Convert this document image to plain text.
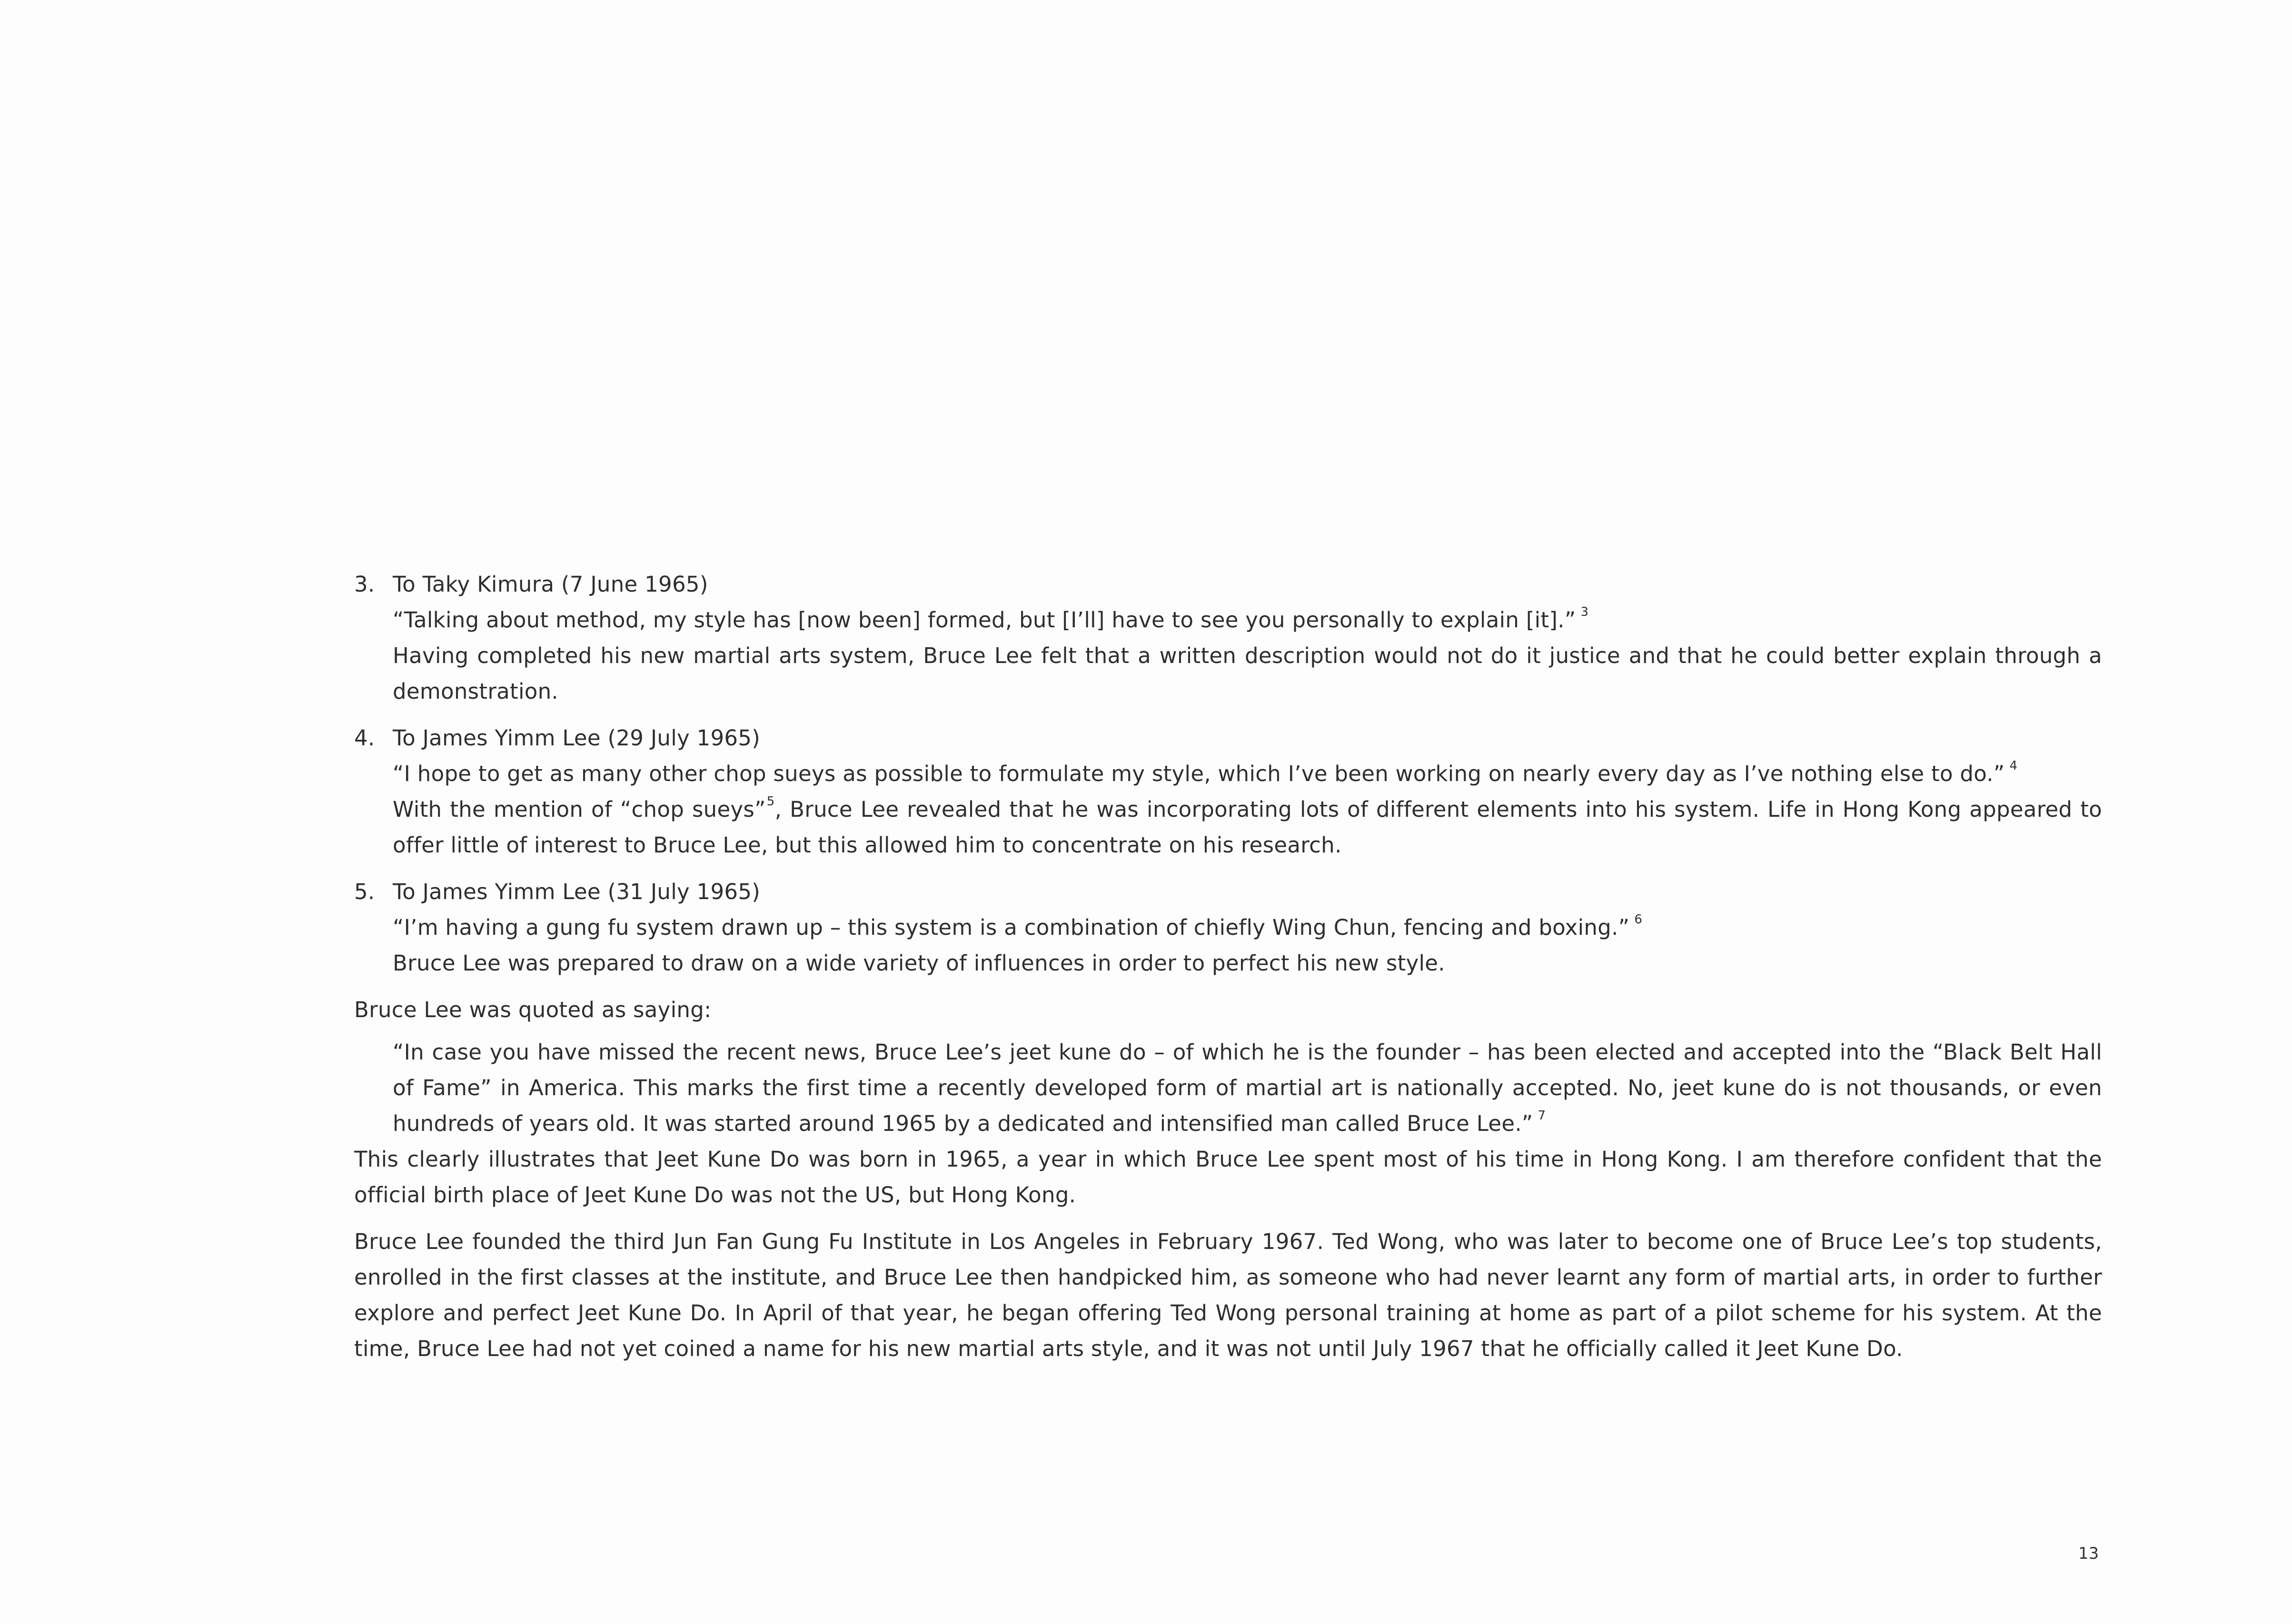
3. To Taky Kimura (7 June 1965)
“Talking about method, my style has [now been] formed, but [I’ll] have to see you personally to explain [it].” $^3$
Having completed his new martial arts system, Bruce Lee felt that a written description would not do it justice and that he could better explain through a demonstration.
4. To James Yimm Lee (29 July 1965)
“I hope to get as many other chop sueys as possible to formulate my style, which I’ve been working on nearly every day as I’ve nothing else to do.” $^4$
With the mention of “chop sueys”$^5$, Bruce Lee revealed that he was incorporating lots of different elements into his system. Life in Hong Kong appeared to offer little of interest to Bruce Lee, but this allowed him to concentrate on his research.
5. To James Yimm Lee (31 July 1965)
“I’m having a gung fu system drawn up – this system is a combination of chiefly Wing Chun, fencing and boxing.” $^6$
Bruce Lee was prepared to draw on a wide variety of influences in order to perfect his new style.
Bruce Lee was quoted as saying:
“In case you have missed the recent news, Bruce Lee’s jeet kune do – of which he is the founder – has been elected and accepted into the “Black Belt Hall of Fame” in America. This marks the first time a recently developed form of martial art is nationally accepted. No, jeet kune do is not thousands, or even hundreds of years old. It was started around 1965 by a dedicated and intensified man called Bruce Lee.” $^7$

This clearly illustrates that Jeet Kune Do was born in 1965, a year in which Bruce Lee spent most of his time in Hong Kong. I am therefore confident that the official birth place of Jeet Kune Do was not the US, but Hong Kong.

Bruce Lee founded the third Jun Fan Gung Fu Institute in Los Angeles in February 1967. Ted Wong, who was later to become one of Bruce Lee’s top students, enrolled in the first classes at the institute, and Bruce Lee then handpicked him, as someone who had never learnt any form of martial arts, in order to further explore and perfect Jeet Kune Do. In April of that year, he began offering Ted Wong personal training at home as part of a pilot scheme for his system. At the time, Bruce Lee had not yet coined a name for his new martial arts style, and it was not until July 1967 that he officially called it Jeet Kune Do.

13
